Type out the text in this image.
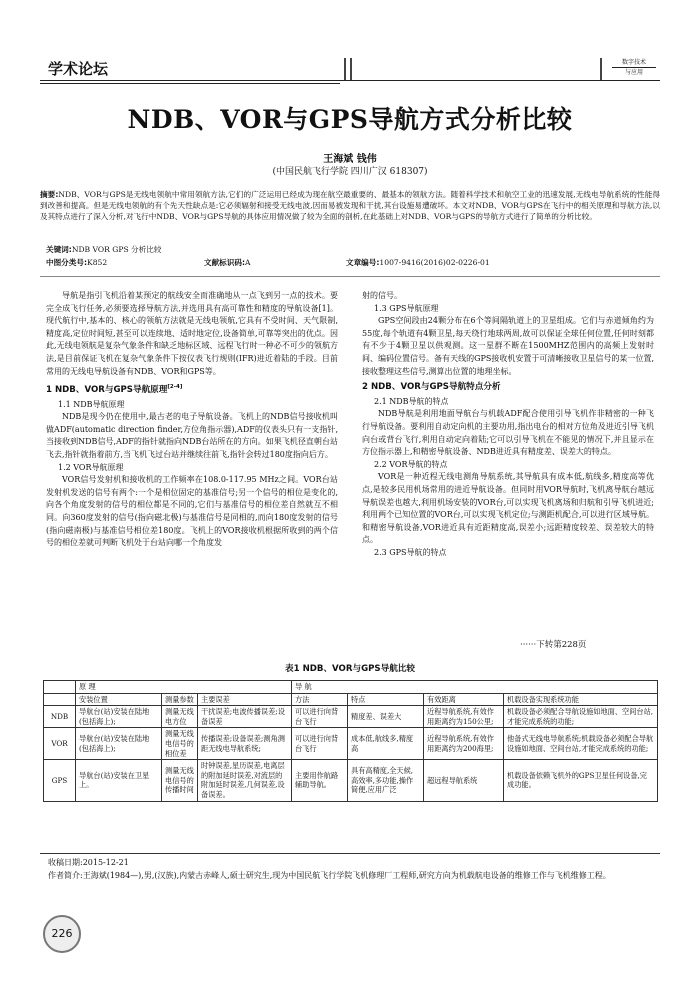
学术论坛	数字技术
与应用
NDB、VOR与GPS导航方式分析比较
王海斌 钱伟
(中国民航飞行学院 四川广汉 618307)
摘要:NDB、VOR与GPS是无线电领航中常用领航方法,它们的广泛运用已经成为现在航空最重要的、最基本的领航方法。随着科学技术和航空工业的迅速发展,无线电导航系统的性能得到改善和提高。但是无线电领航的有个先天性缺点是:它必须辐射和接受无线电波,因而易被发现和干扰,其台设施易遭破坏。本文对NDB、VOR与GPS在飞行中的相关原理和导航方法,以及其特点进行了深入分析,对飞行中NDB、VOR与GPS导航的具体应用情况做了较为全面的剖析,在此基础上对NDB、VOR与GPS的导航方式进行了简单的分析比较。
关键词:NDB VOR GPS 分析比较
中图分类号:K852	文献标识码:A	文章编号:1007-9416(2016)02-0226-01

导航是指引飞机沿着某预定的航线安全而准确地从一点飞到另一点的技术。要完全成飞行任务,必须要选择导航方法,并选用具有高可靠性和精度的导航设备[1]。现代航行中,基本的、核心的领航方法就是无线电领航,它具有不受时间、天气限制,精度高,定位时间短,甚至可以连续地、适时地定位,设备简单,可靠等突出的优点。因此,无线电领航是复杂气象条件和缺乏地标区域、远程飞行时一种必不可少的领航方法,是目前保证飞机在复杂气象条件下按仪表飞行规则(IFR)进近着陆的手段。目前常用的无线电导航设备有NDB、VOR和GPS等。

1 NDB、VOR与GPS导航原理[2-4]

1.1 NDB导航原理

NDB是现今仍在使用中,最古老的电子导航设备。飞机上的NDB信号接收机叫做ADF(automatic direction finder,方位角指示器),ADF的仪表头只有一支指针,当接收到NDB信号,ADF的指针就指向NDB台站所在的方向。如果飞机径直朝台站飞去,指针就指着前方,当飞机飞过台站并继续往前飞,指针会转过180度指向后方。

1.2 VOR导航原理

VOR信号发射机和接收机的工作频率在108.0-117.95 MHz之间。VOR台站发射机发送的信号有两个:一个是相位固定的基准信号;另一个信号的相位是变化的,向各个角度发射的信号的相位都是不同的,它们与基准信号的相位差自然就互不相同。向360度发射的信号(指向磁北极)与基准信号是同相的,而向180度发射的信号(指向磁南极)与基准信号相位差180度。飞机上的VOR接收机根据所收到的两个信号的相位差就可判断飞机处于台站向哪一个角度发

射的信号。

1.3 GPS导航原理

GPS空间段由24颗分布在6个等间隔轨道上的卫星组成。它们与赤道倾角约为55度,每个轨道有4颗卫星,每天绕行地球两周,故可以保证全球任何位置,任何时刻都有不少于4颗卫星以供观测。这一星群不断在1500MHZ范围内的高频上发射时间、编码位置信号。备有天线的GPS接收机安置于可清晰接收卫星信号的某一位置,接收整理这些信号,测算出位置的地理坐标。

2 NDB、VOR与GPS导航特点分析

2.1 NDB导航的特点

NDB导航是利用地面导航台与机载ADF配合使用引导飞机作非精密的一种飞行导航设备。要利用自动定向机的主要功用,指出电台的相对方位角及进近引导飞机向台或背台飞行,利用自动定向着陆;它可以引导飞机在不能见的情况下,并且显示在方位指示器上,和精密导航设备、NDB进近具有精度差、误差大的特点。

2.2 VOR导航的特点

VOR是一种近程无线电测角导航系统,其导航具有成本低,航线多,精度高等优点,是较多民用机场常用的进近导航设备。但同时用VOR导航时,飞机离导航台越远导航误差也越大,利用机场安装的VOR台,可以实现飞机离场和归航和引导飞机进近;利用两个已知位置的VOR台,可以实现飞机定位;与测距机配合,可以进行区域导航。和精密导航设备,VOR进近具有近距精度高,误差小;远距精度较差、误差较大的特点。

2.3 GPS导航的特点

······下转第228页
表1 NDB、VOR与GPS导航比较
	原 理			导 航			
	安装位置	测量参数	主要误差	方法	特点	有效距离	机载设备实现系统功能
NDB	导航台(站)安装在陆地(包括海上);	测量无线电方位	干扰误差;电波传播误差;设备误差	可以进行向背台飞行	精度差、误差大	近程导航系统,有效作用距离约为150公里;	机载设备必须配合导航设施如地面、空间台站,才能完成系统的功能;
VOR	导航台(站)安装在陆地(包括海上);	测量无线电信号的相位差	传播误差;设备误差;测角测距无线电导航系统;	可以进行向背台飞行	成本低,航线多,精度高	近程导航系统,有效作用距离约为200海里;	他备式无线电导航系统;机载设备必须配合导航设施如地面、空间台站,才能完成系统的功能;
GPS	导航台(站)安装在卫星上。	测量无线电信号的传播时间	时钟误差,星历误差,电离层的附加延时误差,对流层的附加延时误差,几何误差,设备误差。	主要用作航路辅助导航。	具有高精度,全天候,高效率,多功能,操作简便,应用广泛	超远程导航系统	机载设备依赖飞机外的GPS卫星任何设备,完成功能。
收稿日期:2015-12-21
作者简介:王海斌(1984—),男,(汉族),内蒙古赤峰人,硕士研究生,现为中国民航飞行学院飞机修理厂工程师,研究方向为机载航电设备的维修工作与飞机维修工程。
226
